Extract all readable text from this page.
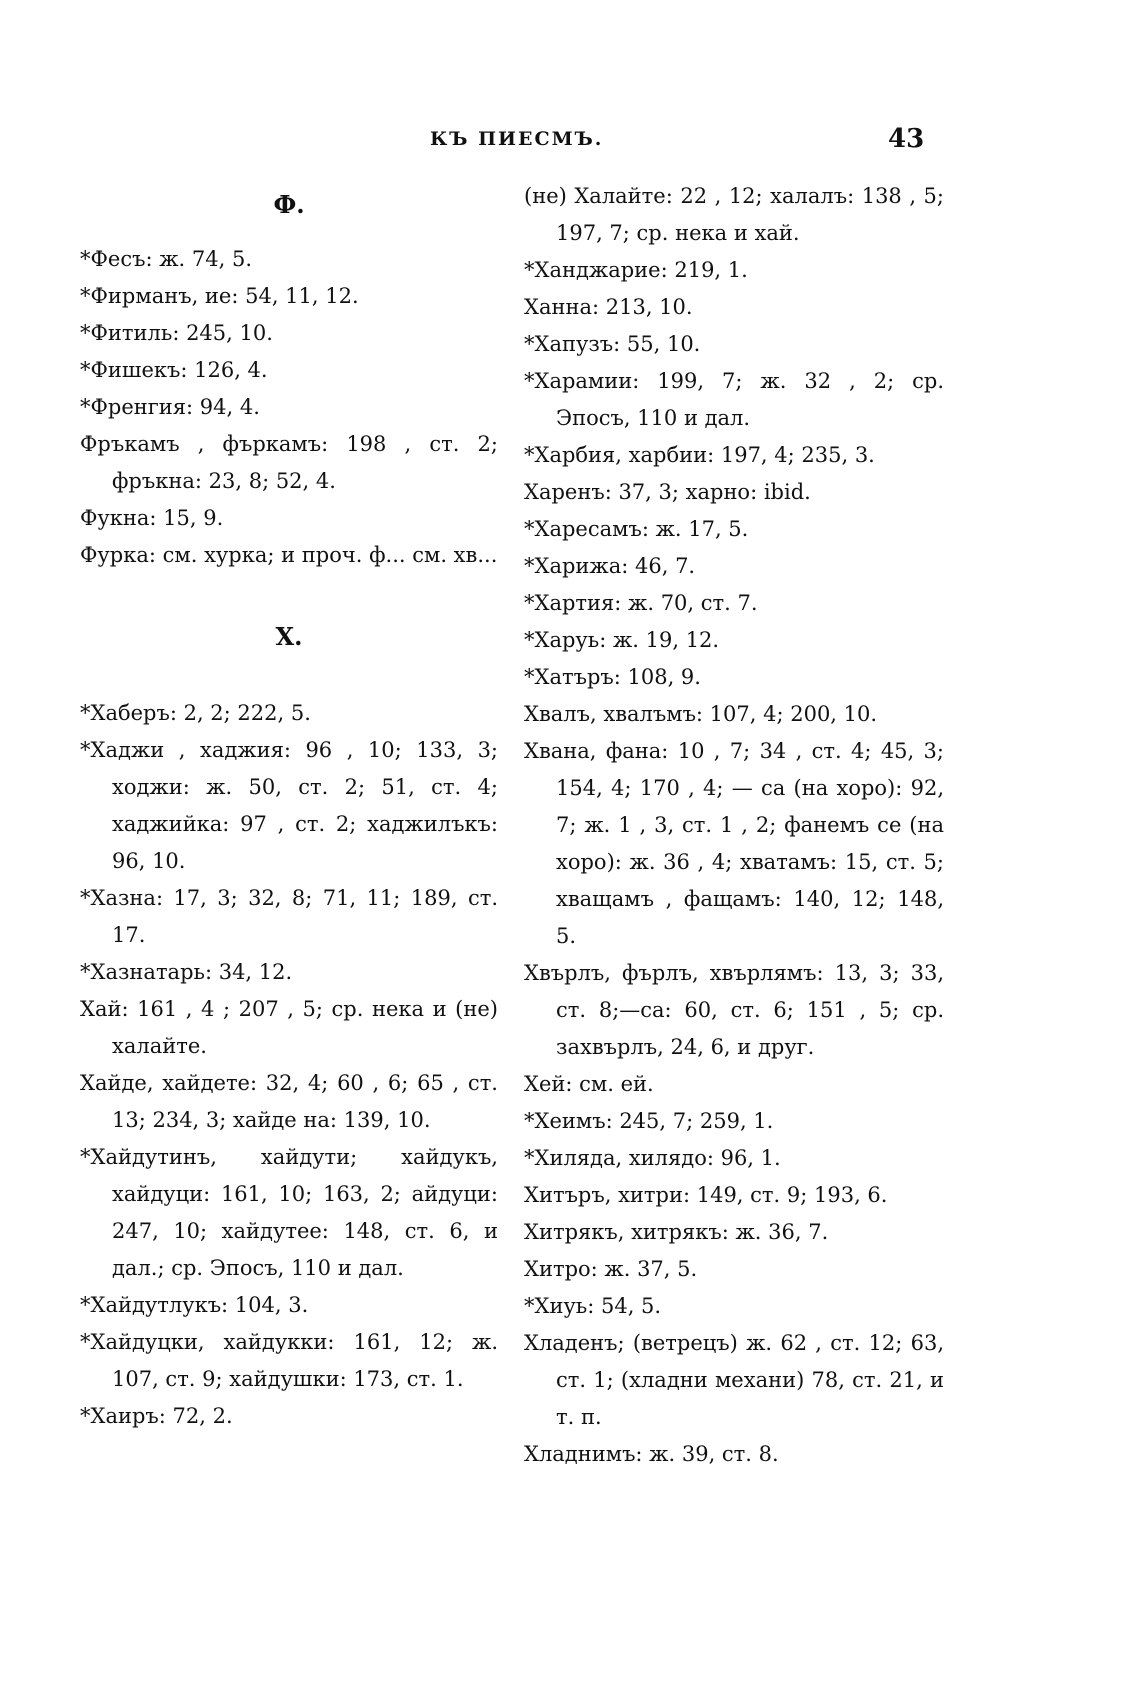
КЪ ПИЕСМЪ.	43
Ф.
*Фесъ: ж. 74, 5.
*Фирманъ, ие: 54, 11, 12.
*Фитиль: 245, 10.
*Фишекъ: 126, 4.
*Френгия: 94, 4.
Фръкамъ , фъркамъ: 198 , ст. 2; фръкна: 23, 8; 52, 4.
Фукна: 15, 9.
Фурка: см. хурка; и проч. ф... см. хв...
Х.
*Хаберъ: 2, 2; 222, 5.
*Хаджи , хаджия: 96 , 10; 133, 3; ходжи: ж. 50, ст. 2; 51, ст. 4; хаджийка: 97 , ст. 2; хаджилъкъ: 96, 10.
*Хазна: 17, 3; 32, 8; 71, 11; 189, ст. 17.
*Хазнатарь: 34, 12.
Хай: 161 , 4 ; 207 , 5; ср. нека и (не) халайте.
Хайде, хайдете: 32, 4; 60 , 6; 65 , ст. 13; 234, 3; хайде на: 139, 10.
*Хайдутинъ, хайдути; хайдукъ, хайдуци: 161, 10; 163, 2; айдуци: 247, 10; хайдутее: 148, ст. 6, и дал.; ср. Эпосъ, 110 и дал.
*Хайдутлукъ: 104, 3.
*Хайдуцки, хайдукки: 161, 12; ж. 107, ст. 9; хайдушки: 173, ст. 1.
*Хаиръ: 72, 2.
(не) Халайте: 22 , 12; халалъ: 138 , 5; 197, 7; ср. нека и хай.
*Ханджарие: 219, 1.
Ханна: 213, 10.
*Хапузъ: 55, 10.
*Харамии: 199, 7; ж. 32 , 2; ср. Эпосъ, 110 и дал.
*Харбия, харбии: 197, 4; 235, 3.
Харенъ: 37, 3; харно: ibid.
*Харесамъ: ж. 17, 5.
*Харижа: 46, 7.
*Хартия: ж. 70, ст. 7.
*Харуь: ж. 19, 12.
*Хатъръ: 108, 9.
Хвалъ, хвалъмъ: 107, 4; 200, 10.
Хвана, фана: 10 , 7; 34 , ст. 4; 45, 3; 154, 4; 170 , 4; — са (на хоро): 92, 7; ж. 1 , 3, ст. 1 , 2; фанемъ се (на хоро): ж. 36 , 4; хватамъ: 15, ст. 5; хващамъ , фащамъ: 140, 12; 148, 5.
Хвърлъ, фърлъ, хвърлямъ: 13, 3; 33, ст. 8;—са: 60, ст. 6; 151 , 5; ср. захвърлъ, 24, 6, и друг.
Хей: см. ей.
*Хеимъ: 245, 7; 259, 1.
*Хиляда, хилядо: 96, 1.
Хитъръ, хитри: 149, ст. 9; 193, 6.
Хитрякъ, хитрякъ: ж. 36, 7.
Хитро: ж. 37, 5.
*Хиуь: 54, 5.
Хладенъ; (ветрецъ) ж. 62 , ст. 12; 63, ст. 1; (хладни механи) 78, ст. 21, и т. п.
Хладнимъ: ж. 39, ст. 8.
